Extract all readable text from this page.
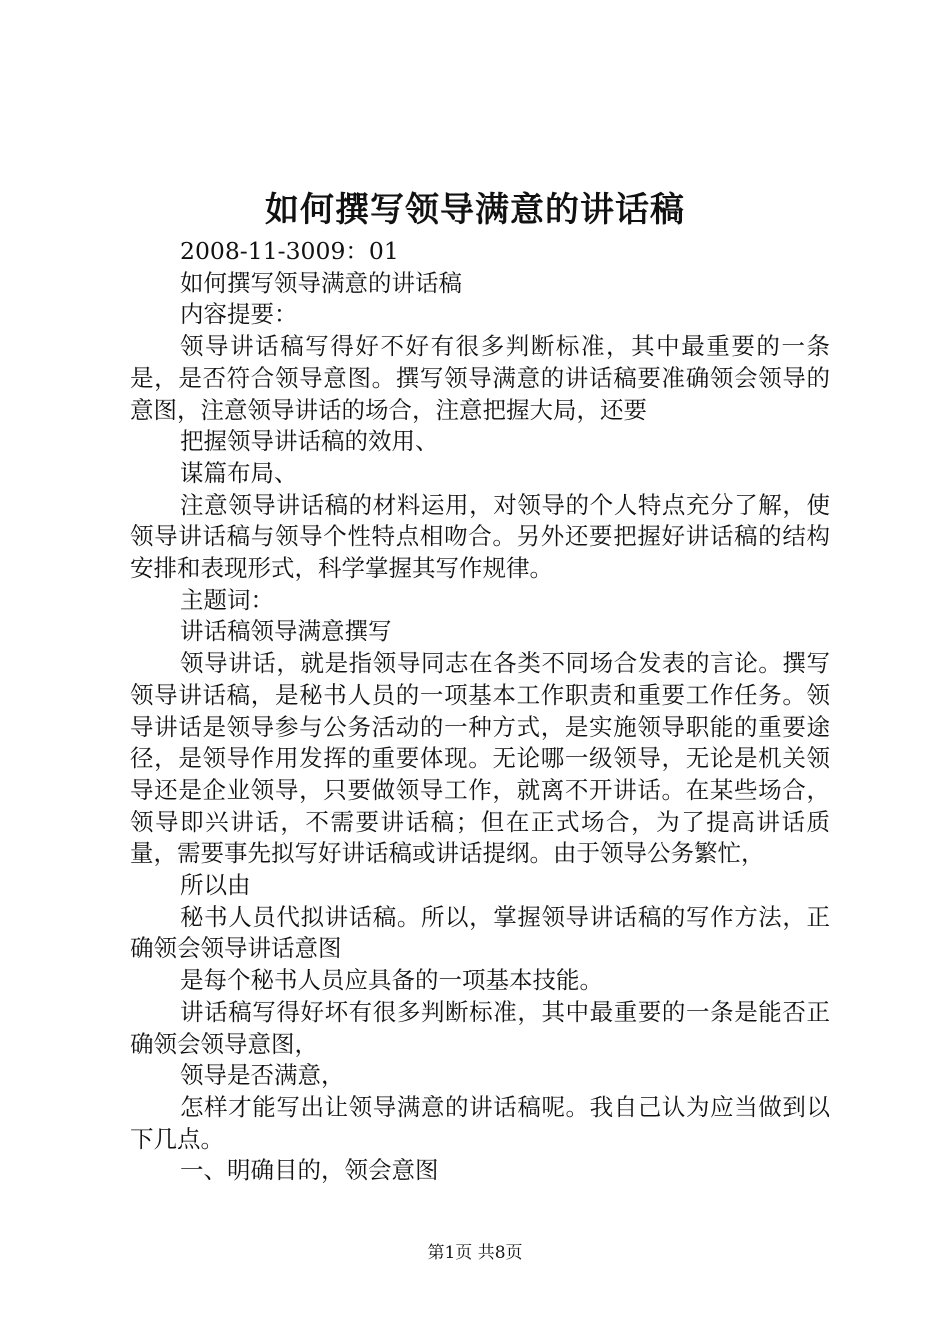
如何撰写领导满意的讲话稿

2008-11-3009：01

如何撰写领导满意的讲话稿

内容提要：

领导讲话稿写得好不好有很多判断标准，其中最重要的一条是，是否符合领导意图。撰写领导满意的讲话稿要准确领会领导的意图，注意领导讲话的场合，注意把握大局，还要

把握领导讲话稿的效用、

谋篇布局、

注意领导讲话稿的材料运用，对领导的个人特点充分了解，使领导讲话稿与领导个性特点相吻合。另外还要把握好讲话稿的结构安排和表现形式，科学掌握其写作规律。

主题词：

讲话稿领导满意撰写

领导讲话，就是指领导同志在各类不同场合发表的言论。撰写领导讲话稿，是秘书人员的一项基本工作职责和重要工作任务。领导讲话是领导参与公务活动的一种方式，是实施领导职能的重要途径，是领导作用发挥的重要体现。无论哪一级领导，无论是机关领导还是企业领导，只要做领导工作，就离不开讲话。在某些场合，领导即兴讲话，不需要讲话稿；但在正式场合，为了提高讲话质量，需要事先拟写好讲话稿或讲话提纲。由于领导公务繁忙，

所以由

秘书人员代拟讲话稿。所以，掌握领导讲话稿的写作方法，正确领会领导讲话意图

是每个秘书人员应具备的一项基本技能。

讲话稿写得好坏有很多判断标准，其中最重要的一条是能否正确领会领导意图，

领导是否满意，

怎样才能写出让领导满意的讲话稿呢。我自己认为应当做到以下几点。

一、明确目的，领会意图

第1页 共8页
